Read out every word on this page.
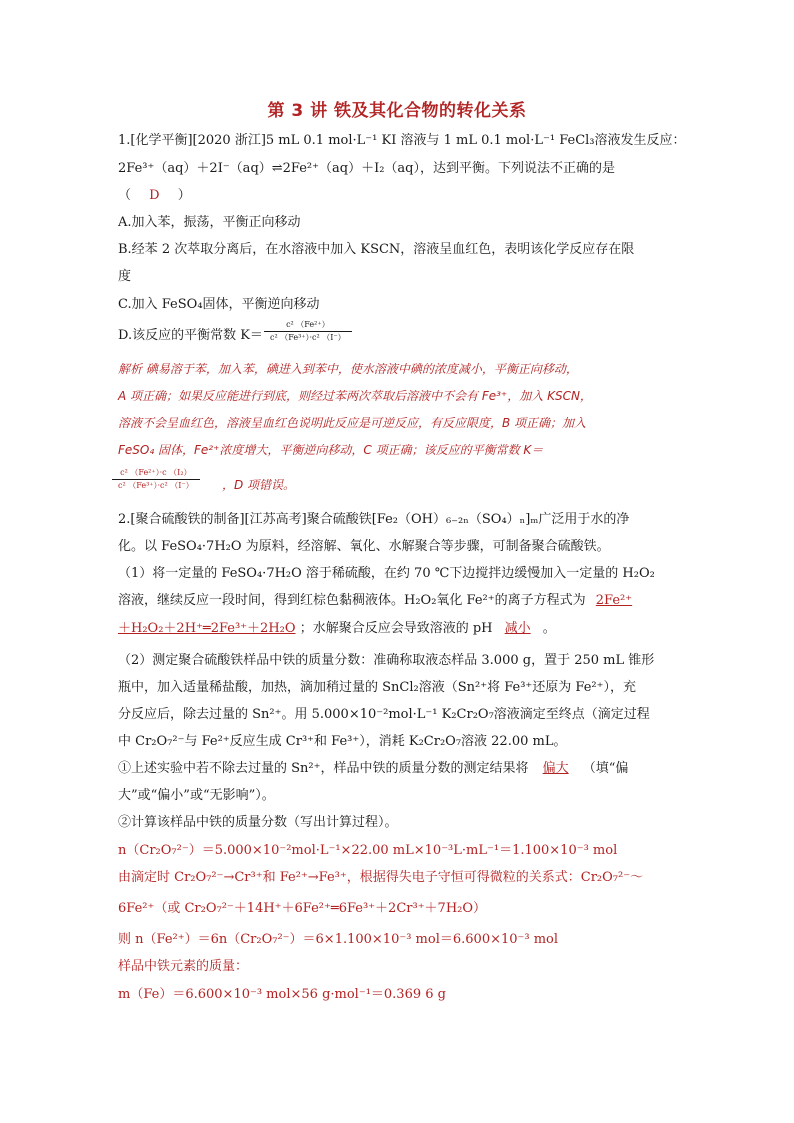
第 3 讲 铁及其化合物的转化关系
1.[化学平衡][2020 浙江]5 mL 0.1 mol·L⁻¹ KI 溶液与 1 mL 0.1 mol·L⁻¹ FeCl₃溶液发生反应：
2Fe³⁺（aq）＋2I⁻（aq）⇌2Fe²⁺（aq）＋I₂（aq），达到平衡。下列说法不正确的是
（ D ）
A.加入苯，振荡，平衡正向移动
B.经苯 2 次萃取分离后，在水溶液中加入 KSCN，溶液呈血红色，表明该化学反应存在限
度
C.加入 FeSO₄固体，平衡逆向移动
D.该反应的平衡常数 K＝
c² （Fe²⁺）
c² （Fe³⁺）·c² （I⁻）
解析 碘易溶于苯，加入苯，碘进入到苯中，使水溶液中碘的浓度减小，平衡正向移动，
A 项正确；如果反应能进行到底，则经过苯两次萃取后溶液中不会有 Fe³⁺，加入 KSCN，
溶液不会呈血红色，溶液呈血红色说明此反应是可逆反应，有反应限度，B 项正确；加入
FeSO₄ 固体，Fe²⁺浓度增大，平衡逆向移动，C 项正确；该反应的平衡常数 K＝
c² （Fe²⁺）·c （I₂）
c² （Fe³⁺）·c² （I⁻）	，D 项错误。
2.[聚合硫酸铁的制备][江苏高考]聚合硫酸铁[Fe₂（OH）₆₋₂ₙ（SO₄）ₙ]ₘ广泛用于水的净
化。以 FeSO₄·7H₂O 为原料，经溶解、氧化、水解聚合等步骤，可制备聚合硫酸铁。
（1）将一定量的 FeSO₄·7H₂O 溶于稀硫酸，在约 70 ℃下边搅拌边缓慢加入一定量的 H₂O₂
溶液，继续反应一段时间，得到红棕色黏稠液体。H₂O₂氧化 Fe²⁺的离子方程式为 2Fe²⁺
＋H₂O₂＋2H⁺═2Fe³⁺＋2H₂O ；水解聚合反应会导致溶液的 pH 减小 。
（2）测定聚合硫酸铁样品中铁的质量分数：准确称取液态样品 3.000 g，置于 250 mL 锥形
瓶中，加入适量稀盐酸，加热，滴加稍过量的 SnCl₂溶液（Sn²⁺将 Fe³⁺还原为 Fe²⁺），充
分反应后，除去过量的 Sn²⁺。用 5.000×10⁻²mol·L⁻¹ K₂Cr₂O₇溶液滴定至终点（滴定过程
中 Cr₂O₇²⁻与 Fe²⁺反应生成 Cr³⁺和 Fe³⁺），消耗 K₂Cr₂O₇溶液 22.00 mL。
①上述实验中若不除去过量的 Sn²⁺，样品中铁的质量分数的测定结果将 偏大 （填“偏
大”或“偏小”或“无影响”）。
②计算该样品中铁的质量分数（写出计算过程）。
n（Cr₂O₇²⁻）＝5.000×10⁻²mol·L⁻¹×22.00 mL×10⁻³L·mL⁻¹＝1.100×10⁻³ mol
由滴定时 Cr₂O₇²⁻→Cr³⁺和 Fe²⁺→Fe³⁺，根据得失电子守恒可得微粒的关系式：Cr₂O₇²⁻～
6Fe²⁺（或 Cr₂O₇²⁻＋14H⁺＋6Fe²⁺═6Fe³⁺＋2Cr³⁺＋7H₂O）
则 n（Fe²⁺）＝6n（Cr₂O₇²⁻）＝6×1.100×10⁻³ mol＝6.600×10⁻³ mol
样品中铁元素的质量：
m（Fe）＝6.600×10⁻³ mol×56 g·mol⁻¹＝0.369 6 g
